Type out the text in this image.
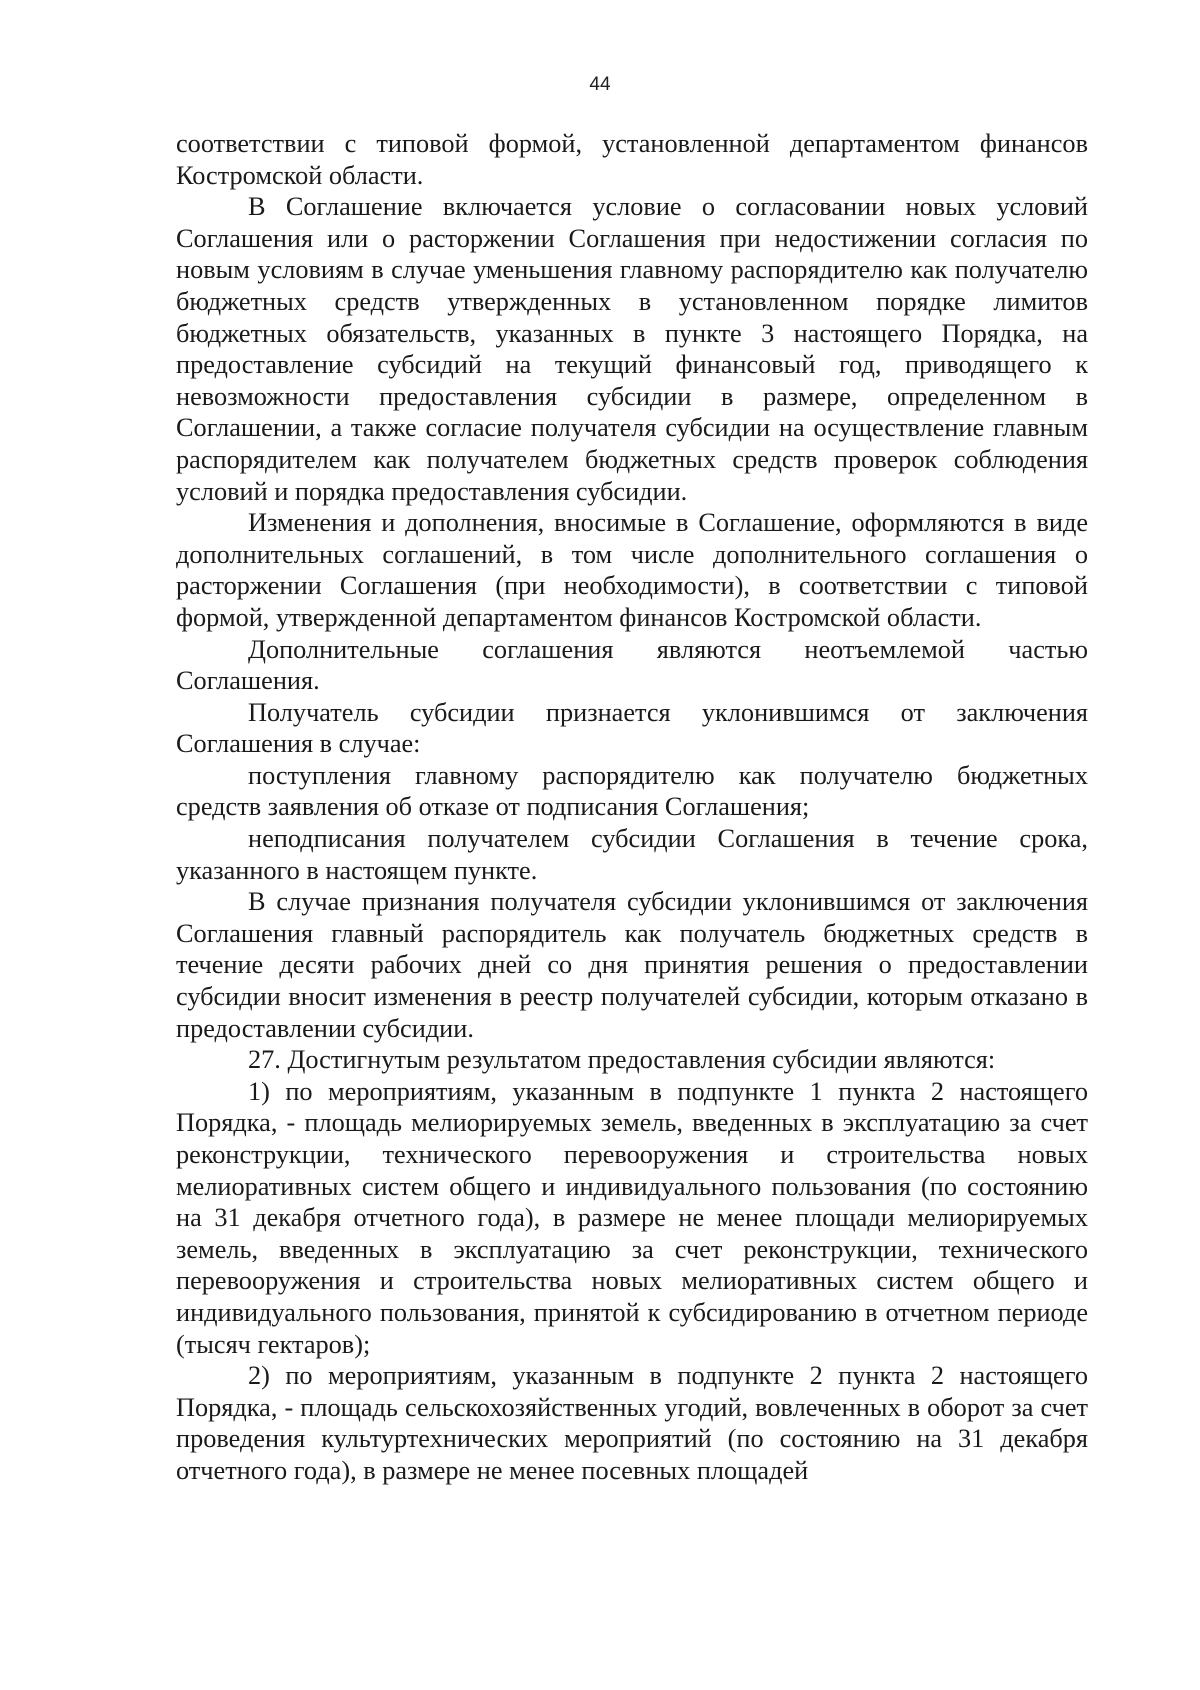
44

соответствии с типовой формой, установленной департаментом финансов Костромской области.

В Соглашение включается условие о согласовании новых условий Соглашения или о расторжении Соглашения при недостижении согласия по новым условиям в случае уменьшения главному распорядителю как получателю бюджетных средств утвержденных в установленном порядке лимитов бюджетных обязательств, указанных в пункте 3 настоящего Порядка, на предоставление субсидий на текущий финансовый год, приводящего к невозможности предоставления субсидии в размере, определенном в Соглашении, а также согласие получателя субсидии на осуществление главным распорядителем как получателем бюджетных средств проверок соблюдения условий и порядка предоставления субсидии.

Изменения и дополнения, вносимые в Соглашение, оформляются в виде дополнительных соглашений, в том числе дополнительного соглашения о расторжении Соглашения (при необходимости), в соответствии с типовой формой, утвержденной департаментом финансов Костромской области.

Дополнительные соглашения являются неотъемлемой частью Соглашения.

Получатель субсидии признается уклонившимся от заключения Соглашения в случае:

поступления главному распорядителю как получателю бюджетных средств заявления об отказе от подписания Соглашения;

неподписания получателем субсидии Соглашения в течение срока, указанного в настоящем пункте.

В случае признания получателя субсидии уклонившимся от заключения Соглашения главный распорядитель как получатель бюджетных средств в течение десяти рабочих дней со дня принятия решения о предоставлении субсидии вносит изменения в реестр получателей субсидии, которым отказано в предоставлении субсидии.

27. Достигнутым результатом предоставления субсидии являются:

1) по мероприятиям, указанным в подпункте 1 пункта 2 настоящего Порядка, - площадь мелиорируемых земель, введенных в эксплуатацию за счет реконструкции, технического перевооружения и строительства новых мелиоративных систем общего и индивидуального пользования (по состоянию на 31 декабря отчетного года), в размере не менее площади мелиорируемых земель, введенных в эксплуатацию за счет реконструкции, технического перевооружения и строительства новых мелиоративных систем общего и индивидуального пользования, принятой к субсидированию в отчетном периоде (тысяч гектаров);

2) по мероприятиям, указанным в подпункте 2 пункта 2 настоящего Порядка, - площадь сельскохозяйственных угодий, вовлеченных в оборот за счет проведения культуртехнических мероприятий (по состоянию на 31 декабря отчетного года), в размере не менее посевных площадей
